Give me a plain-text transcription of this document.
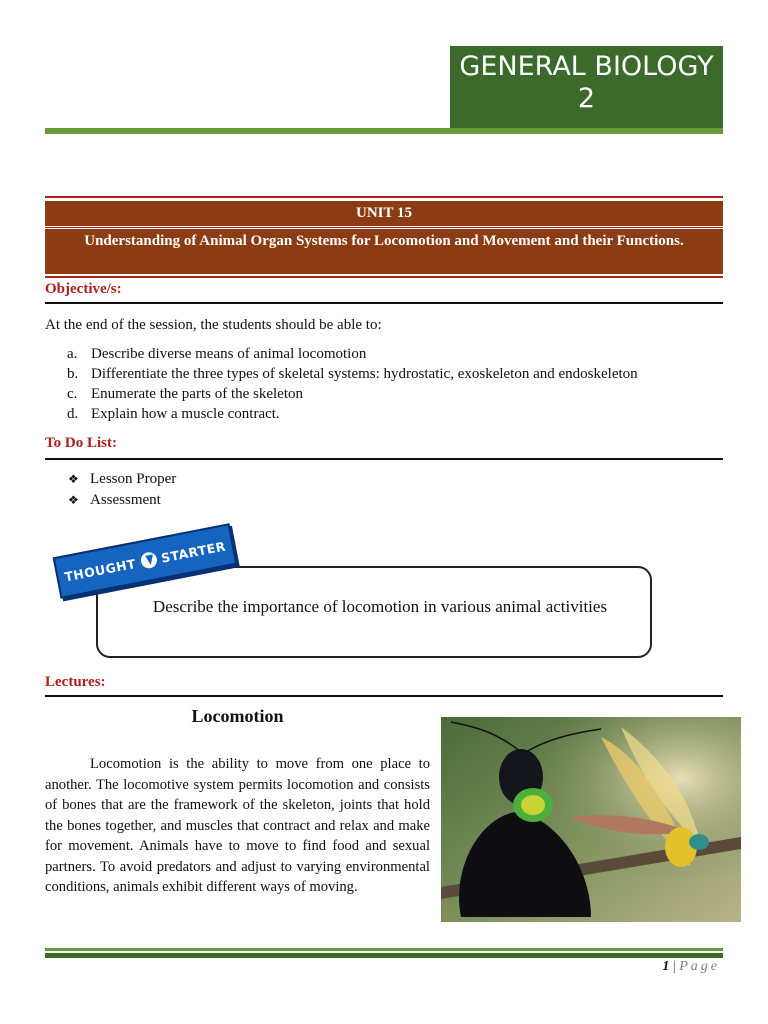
GENERAL BIOLOGY
2
UNIT 15
Understanding of Animal Organ Systems for Locomotion and Movement and their Functions.
Objective/s:
At the end of the session, the students should be able to:
a. Describe diverse means of animal locomotion
b. Differentiate the three types of skeletal systems: hydrostatic, exoskeleton and endoskeleton
c. Enumerate the parts of the skeleton
d. Explain how a muscle contract.
To Do List:
❖ Lesson Proper
❖ Assessment
Describe the importance of locomotion in various animal activities
THOUGHT
STARTER
Lectures:
Locomotion
Locomotion is the ability to move from one place to another. The locomotive system permits locomotion and consists of bones that are the framework of the skeleton, joints that hold the bones together, and muscles that contract and relax and make for movement. Animals have to move to find food and sexual partners. To avoid predators and adjust to varying environmental conditions, animals exhibit different ways of moving.
1 | Page
